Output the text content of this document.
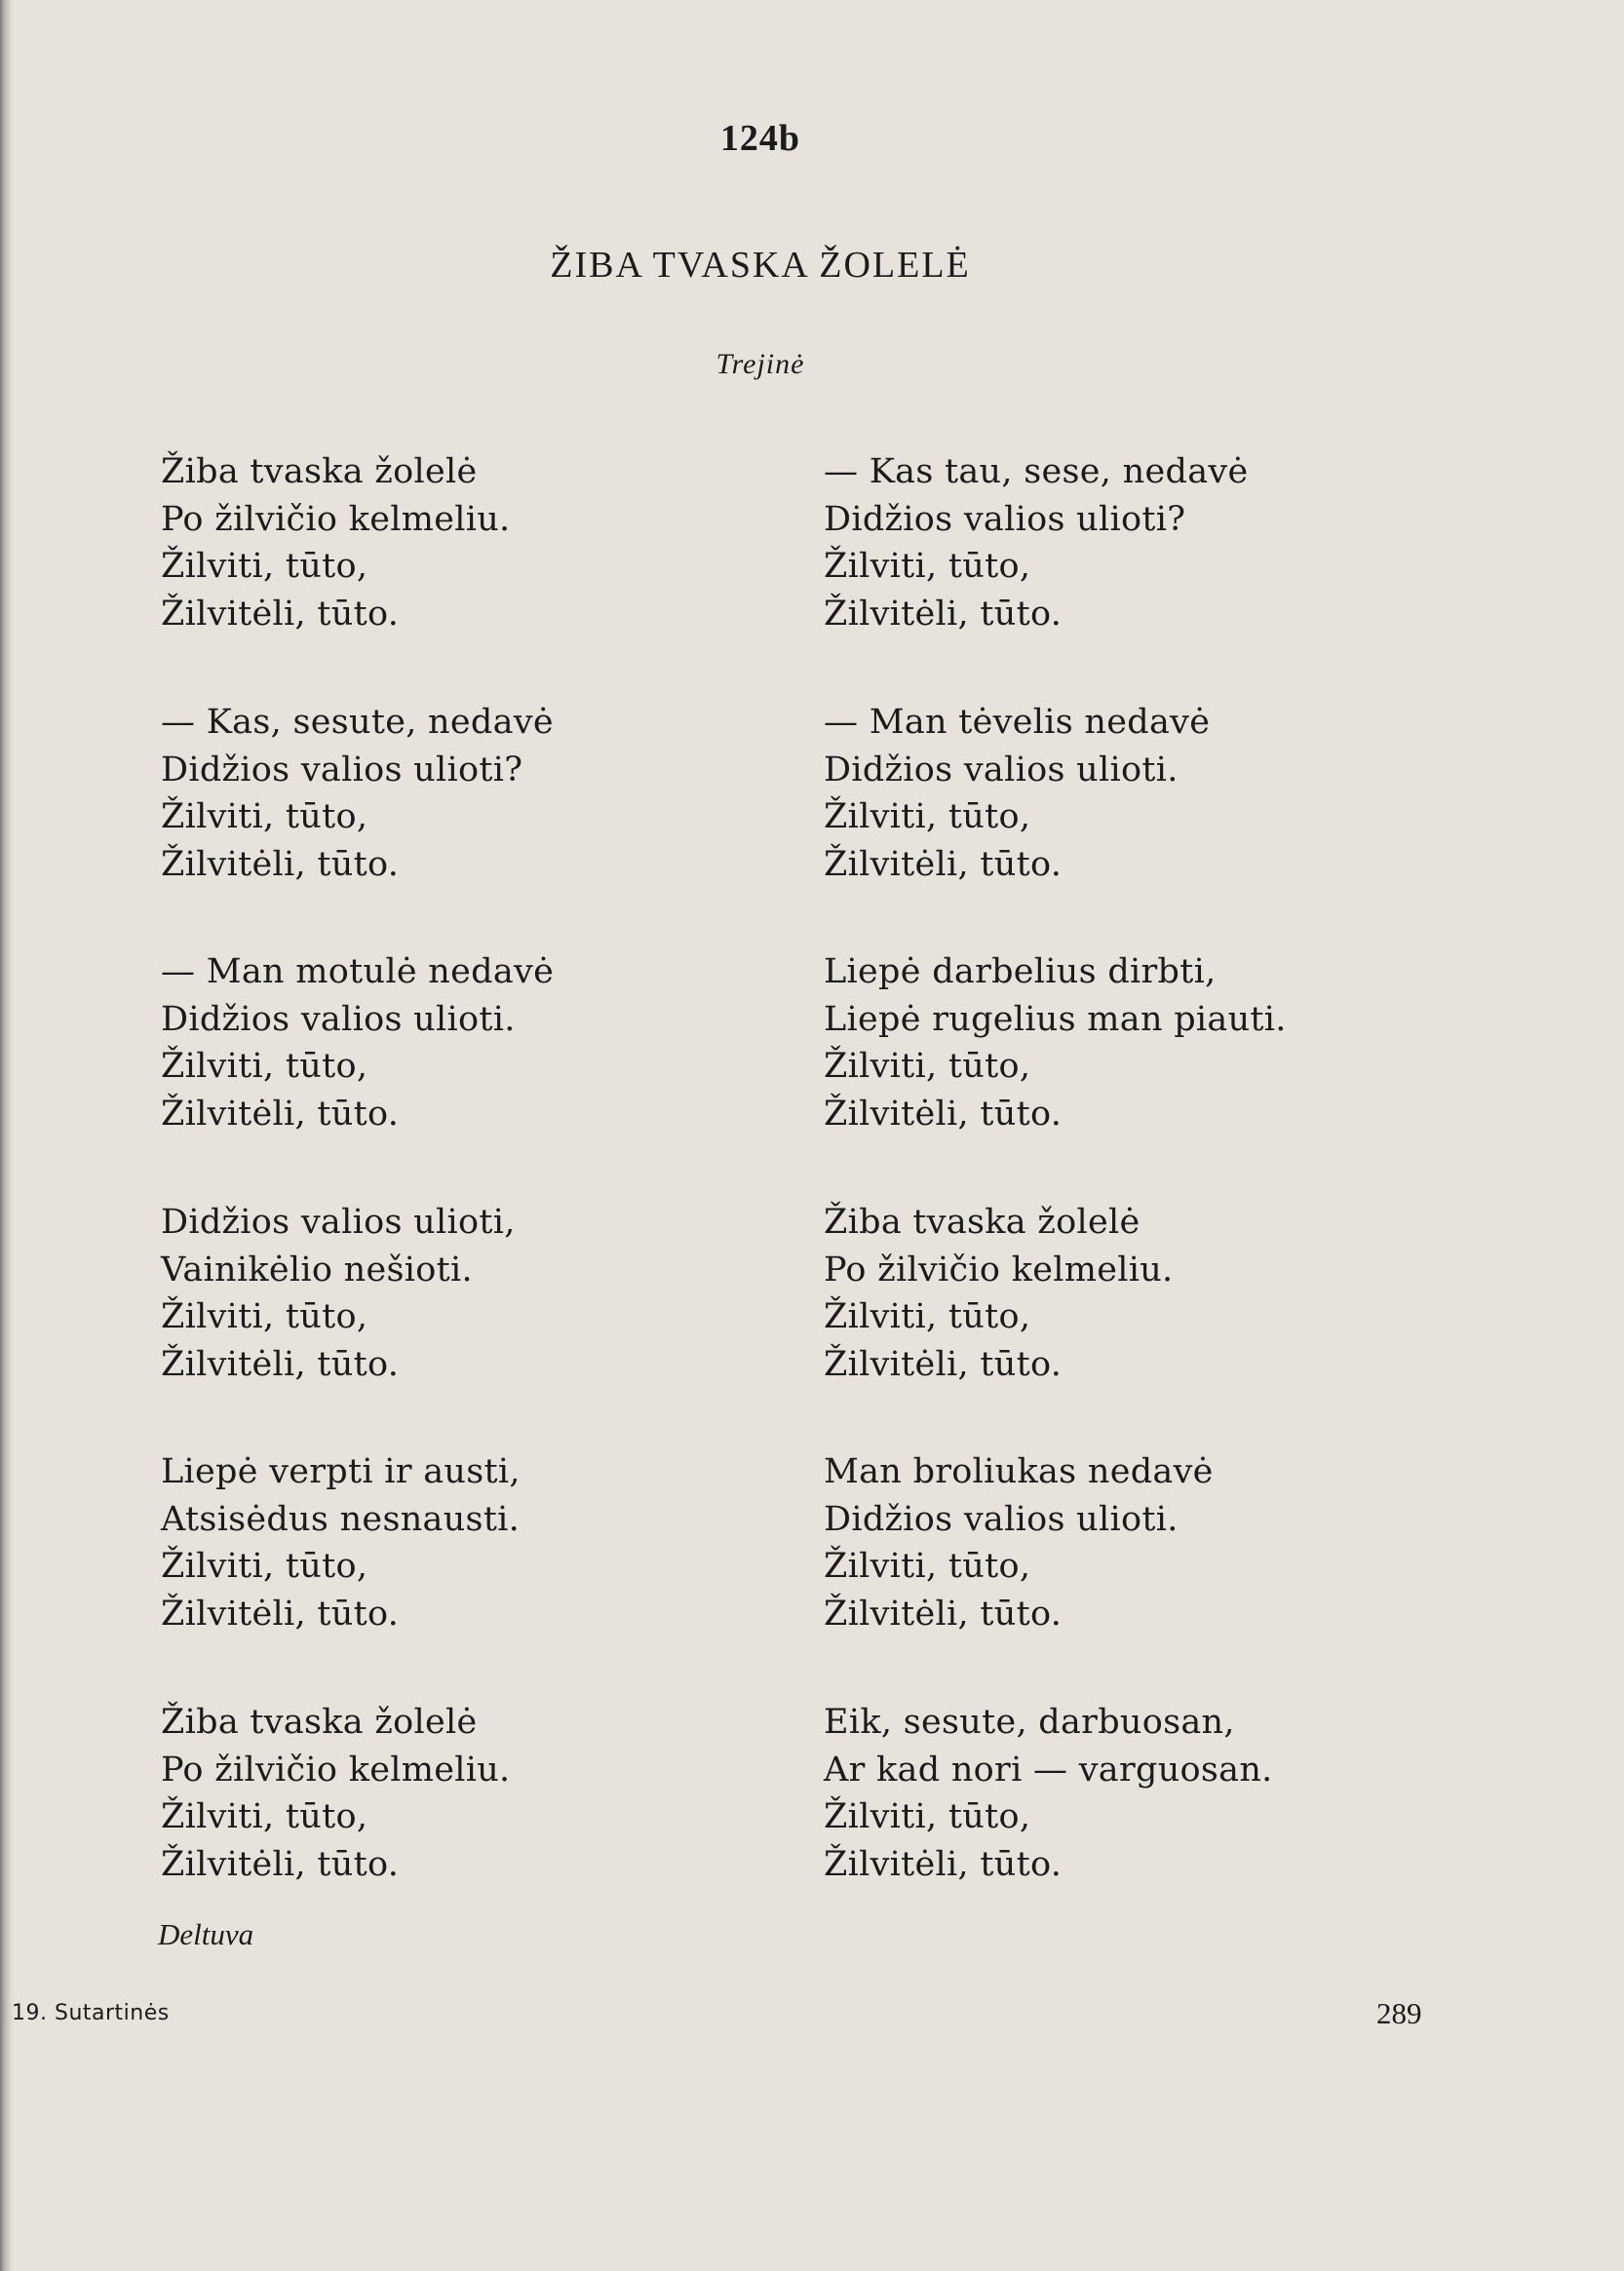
124b
ŽIBA TVASKA ŽOLELĖ
Trejinė
Žiba tvaska žolelė
Po žilvičio kelmeliu.
Žilviti, tūto,
Žilvitėli, tūto.
— Kas, sesute, nedavė
Didžios valios ulioti?
Žilviti, tūto,
Žilvitėli, tūto.
— Man motulė nedavė
Didžios valios ulioti.
Žilviti, tūto,
Žilvitėli, tūto.
Didžios valios ulioti,
Vainikėlio nešioti.
Žilviti, tūto,
Žilvitėli, tūto.
Liepė verpti ir austi,
Atsisėdus nesnausti.
Žilviti, tūto,
Žilvitėli, tūto.
Žiba tvaska žolelė
Po žilvičio kelmeliu.
Žilviti, tūto,
Žilvitėli, tūto.
— Kas tau, sese, nedavė
Didžios valios ulioti?
Žilviti, tūto,
Žilvitėli, tūto.
— Man tėvelis nedavė
Didžios valios ulioti.
Žilviti, tūto,
Žilvitėli, tūto.
Liepė darbelius dirbti,
Liepė rugelius man piauti.
Žilviti, tūto,
Žilvitėli, tūto.
Žiba tvaska žolelė
Po žilvičio kelmeliu.
Žilviti, tūto,
Žilvitėli, tūto.
Man broliukas nedavė
Didžios valios ulioti.
Žilviti, tūto,
Žilvitėli, tūto.
Eik, sesute, darbuosan,
Ar kad nori — varguosan.
Žilviti, tūto,
Žilvitėli, tūto.
Deltuva
19. Sutartinės	289
